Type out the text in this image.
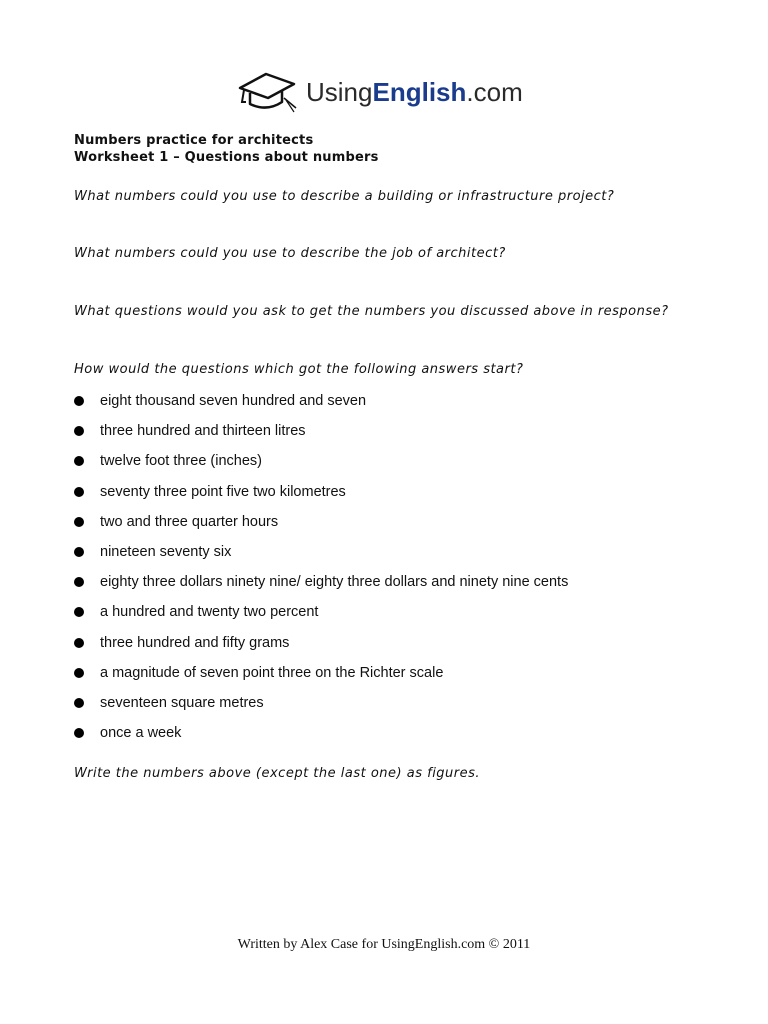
UsingEnglish.com
Numbers practice for architects
Worksheet 1 – Questions about numbers
What numbers could you use to describe a building or infrastructure project?
What numbers could you use to describe the job of architect?
What questions would you ask to get the numbers you discussed above in response?
How would the questions which got the following answers start?
eight thousand seven hundred and seven
three hundred and thirteen litres
twelve foot three (inches)
seventy three point five two kilometres
two and three quarter hours
nineteen seventy six
eighty three dollars ninety nine/ eighty three dollars and ninety nine cents
a hundred and twenty two percent
three hundred and fifty grams
a magnitude of seven point three on the Richter scale
seventeen square metres
once a week
Write the numbers above (except the last one) as figures.
Written by Alex Case for UsingEnglish.com © 2011
